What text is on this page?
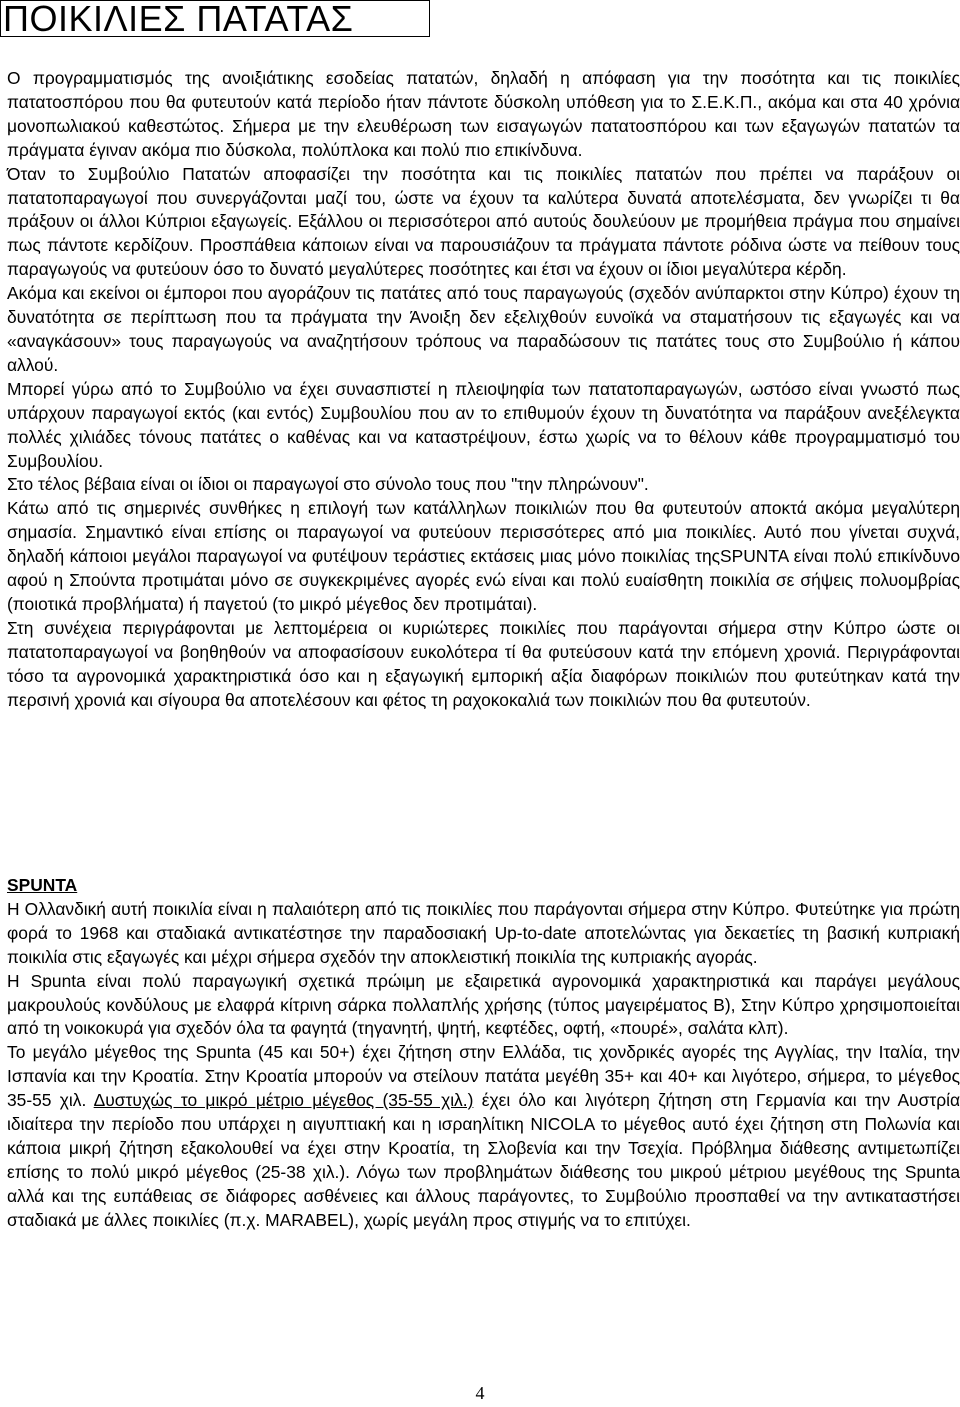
ΠΟΙΚΙΛΙΕΣ ΠΑΤΑΤΑΣ

Ο προγραμματισμός της ανοιξιάτικης εσοδείας πατατών, δηλαδή η απόφαση για την ποσότητα και τις ποικιλίες πατατοσπόρου που θα φυτευτούν κατά περίοδο ήταν πάντοτε δύσκολη υπόθεση για το Σ.Ε.Κ.Π., ακόμα και στα 40 χρόνια μονοπωλιακού καθεστώτος. Σήμερα με την ελευθέρωση των εισαγωγών πατατοσπόρου και των εξαγωγών πατατών τα πράγματα έγιναν ακόμα πιο δύσκολα, πολύπλοκα και πολύ πιο επικίνδυνα.

Όταν το Συμβούλιο Πατατών αποφασίζει την ποσότητα και τις ποικιλίες πατατών που πρέπει να παράξουν οι πατατοπαραγωγοί που συνεργάζονται μαζί του, ώστε να έχουν τα καλύτερα δυνατά αποτελέσματα, δεν γνωρίζει τι θα πράξουν οι άλλοι Κύπριοι εξαγωγείς. Εξάλλου οι περισσότεροι από αυτούς δουλεύουν με προμήθεια πράγμα που σημαίνει πως πάντοτε κερδίζουν. Προσπάθεια κάποιων είναι να παρουσιάζουν τα πράγματα πάντοτε ρόδινα ώστε να πείθουν τους παραγωγούς να φυτεύουν όσο το δυνατό μεγαλύτερες ποσότητες και έτσι να έχουν οι ίδιοι μεγαλύτερα κέρδη.

Ακόμα και εκείνοι οι έμποροι που αγοράζουν τις πατάτες από τους παραγωγούς (σχεδόν ανύπαρκτοι στην Κύπρο) έχουν τη δυνατότητα σε περίπτωση που τα πράγματα την Άνοιξη δεν εξελιχθούν ευνοϊκά να σταματήσουν τις εξαγωγές και να «αναγκάσουν» τους παραγωγούς να αναζητήσουν τρόπους να παραδώσουν τις πατάτες τους στο Συμβούλιο ή κάπου αλλού.

Μπορεί γύρω από το Συμβούλιο να έχει συνασπιστεί η πλειοψηφία των πατατοπαραγωγών, ωστόσο είναι γνωστό πως υπάρχουν παραγωγοί εκτός (και εντός) Συμβουλίου που αν το επιθυμούν έχουν τη δυνατότητα να παράξουν ανεξέλεγκτα πολλές χιλιάδες τόνους πατάτες ο καθένας και να καταστρέψουν, έστω χωρίς να το θέλουν κάθε προγραμματισμό του Συμβουλίου.

Στο τέλος βέβαια είναι οι ίδιοι οι παραγωγοί στο σύνολο τους που "την πληρώνουν".

Κάτω από τις σημερινές συνθήκες η επιλογή των κατάλληλων ποικιλιών που θα φυτευτούν αποκτά ακόμα μεγαλύτερη σημασία. Σημαντικό είναι επίσης οι παραγωγοί να φυτεύουν περισσότερες από μια ποικιλίες. Αυτό που γίνεται συχνά, δηλαδή κάποιοι μεγάλοι παραγωγοί να φυτέψουν τεράστιες εκτάσεις μιας μόνο ποικιλίας τηςSPUNTA είναι πολύ επικίνδυνο αφού η Σπούντα προτιμάται μόνο σε συγκεκριμένες αγορές ενώ είναι και πολύ ευαίσθητη ποικιλία σε σήψεις πολυομβρίας (ποιοτικά προβλήματα) ή παγετού (το μικρό μέγεθος δεν προτιμάται).

Στη συνέχεια περιγράφονται με λεπτομέρεια οι κυριώτερες ποικιλίες που παράγονται σήμερα στην Κύπρο ώστε οι πατατοπαραγωγοί να βοηθηθούν να αποφασίσουν ευκολότερα τί θα φυτεύσουν κατά την επόμενη χρονιά. Περιγράφονται τόσο τα αγρονομικά χαρακτηριστικά όσο και η εξαγωγική εμπορική αξία διαφόρων ποικιλιών που φυτεύτηκαν κατά την περσινή χρονιά και σίγουρα θα αποτελέσουν και φέτος τη ραχοκοκαλιά των ποικιλιών που θα φυτευτούν.

SPUNTA

Η Ολλανδική αυτή ποικιλία είναι η παλαιότερη από τις ποικιλίες που παράγονται σήμερα στην Κύπρο. Φυτεύτηκε για πρώτη φορά το 1968 και σταδιακά αντικατέστησε την παραδοσιακή Up-to-date αποτελώντας για δεκαετίες τη βασική κυπριακή ποικιλία στις εξαγωγές και μέχρι σήμερα σχεδόν την αποκλειστική ποικιλία της κυπριακής αγοράς.

Η Spunta είναι πολύ παραγωγική σχετικά πρώιμη με εξαιρετικά αγρονομικά χαρακτηριστικά και παράγει μεγάλους μακρουλούς κονδύλους με ελαφρά κίτρινη σάρκα πολλαπλής χρήσης (τύπος μαγειρέματος Β), Στην Κύπρο χρησιμοποιείται από τη νοικοκυρά για σχεδόν όλα τα φαγητά (τηγανητή, ψητή, κεφτέδες, οφτή, «πουρέ», σαλάτα κλπ).

Το μεγάλο μέγεθος της Spunta (45 και 50+) έχει ζήτηση στην Ελλάδα, τις χονδρικές αγορές της Αγγλίας, την Ιταλία, την Ισπανία και την Κροατία. Στην Κροατία μπορούν να στείλουν πατάτα μεγέθη 35+ και 40+ και λιγότερο, σήμερα, το μέγεθος 35-55 χιλ. Δυστυχώς το μικρό μέτριο μέγεθος (35-55 χιλ.) έχει όλο και λιγότερη ζήτηση στη Γερμανία και την Αυστρία ιδιαίτερα την περίοδο που υπάρχει η αιγυπτιακή και η ισραηλίτικη NICOLA το μέγεθος αυτό έχει ζήτηση στη Πολωνία και κάποια μικρή ζήτηση εξακολουθεί να έχει στην Κροατία, τη Σλοβενία και την Τσεχία. Πρόβλημα διάθεσης αντιμετωπίζει επίσης το πολύ μικρό μέγεθος (25-38 χιλ.). Λόγω των προβλημάτων διάθεσης του μικρού μέτριου μεγέθους της Spunta αλλά και της ευπάθειας σε διάφορες ασθένειες και άλλους παράγοντες, το Συμβούλιο προσπαθεί να την αντικαταστήσει σταδιακά με άλλες ποικιλίες (π.χ. MARABEL), χωρίς μεγάλη προς στιγμής να το επιτύχει.

4
